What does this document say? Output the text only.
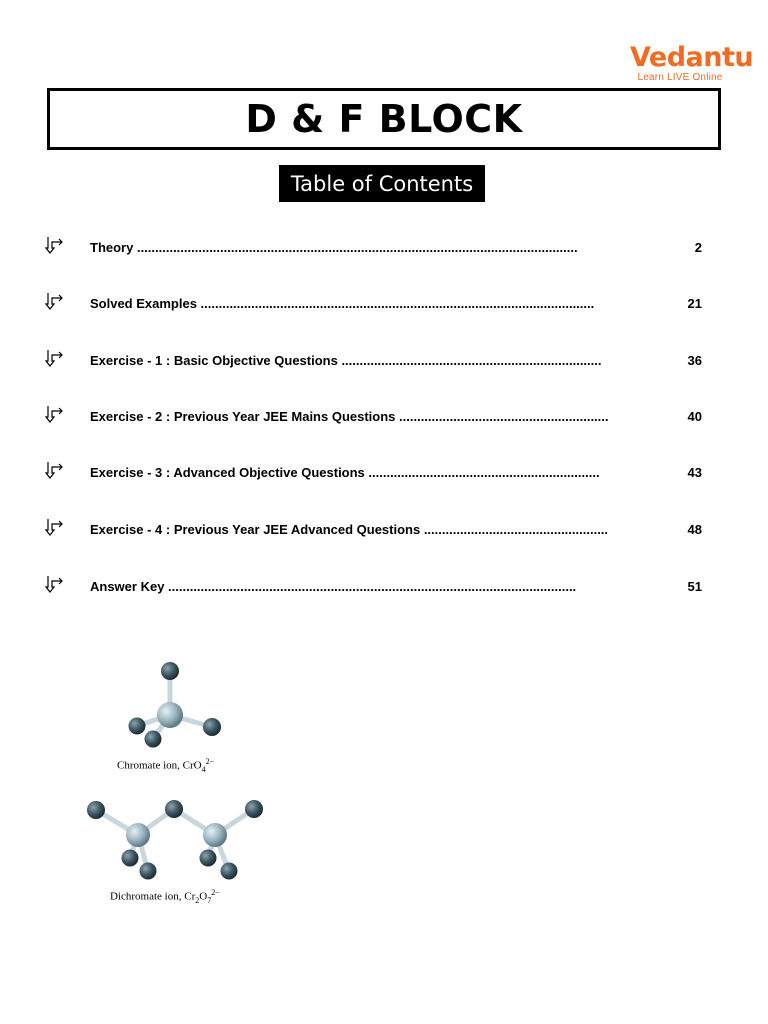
Vedantu
Learn LIVE Online
D & F BLOCK
Table of Contents
Theory ..........................................................................................................................	2
Solved Examples .............................................................................................................	21
Exercise - 1 : Basic Objective Questions ........................................................................	36
Exercise - 2 : Previous Year JEE Mains Questions ..........................................................	40
Exercise - 3 : Advanced Objective Questions ................................................................	43
Exercise - 4 : Previous Year JEE Advanced Questions ...................................................	48
Answer Key .................................................................................................................	51
Chromate ion, CrO$_4^{2-}$
Dichromate ion, $Cr_2O_7^{2-}$
